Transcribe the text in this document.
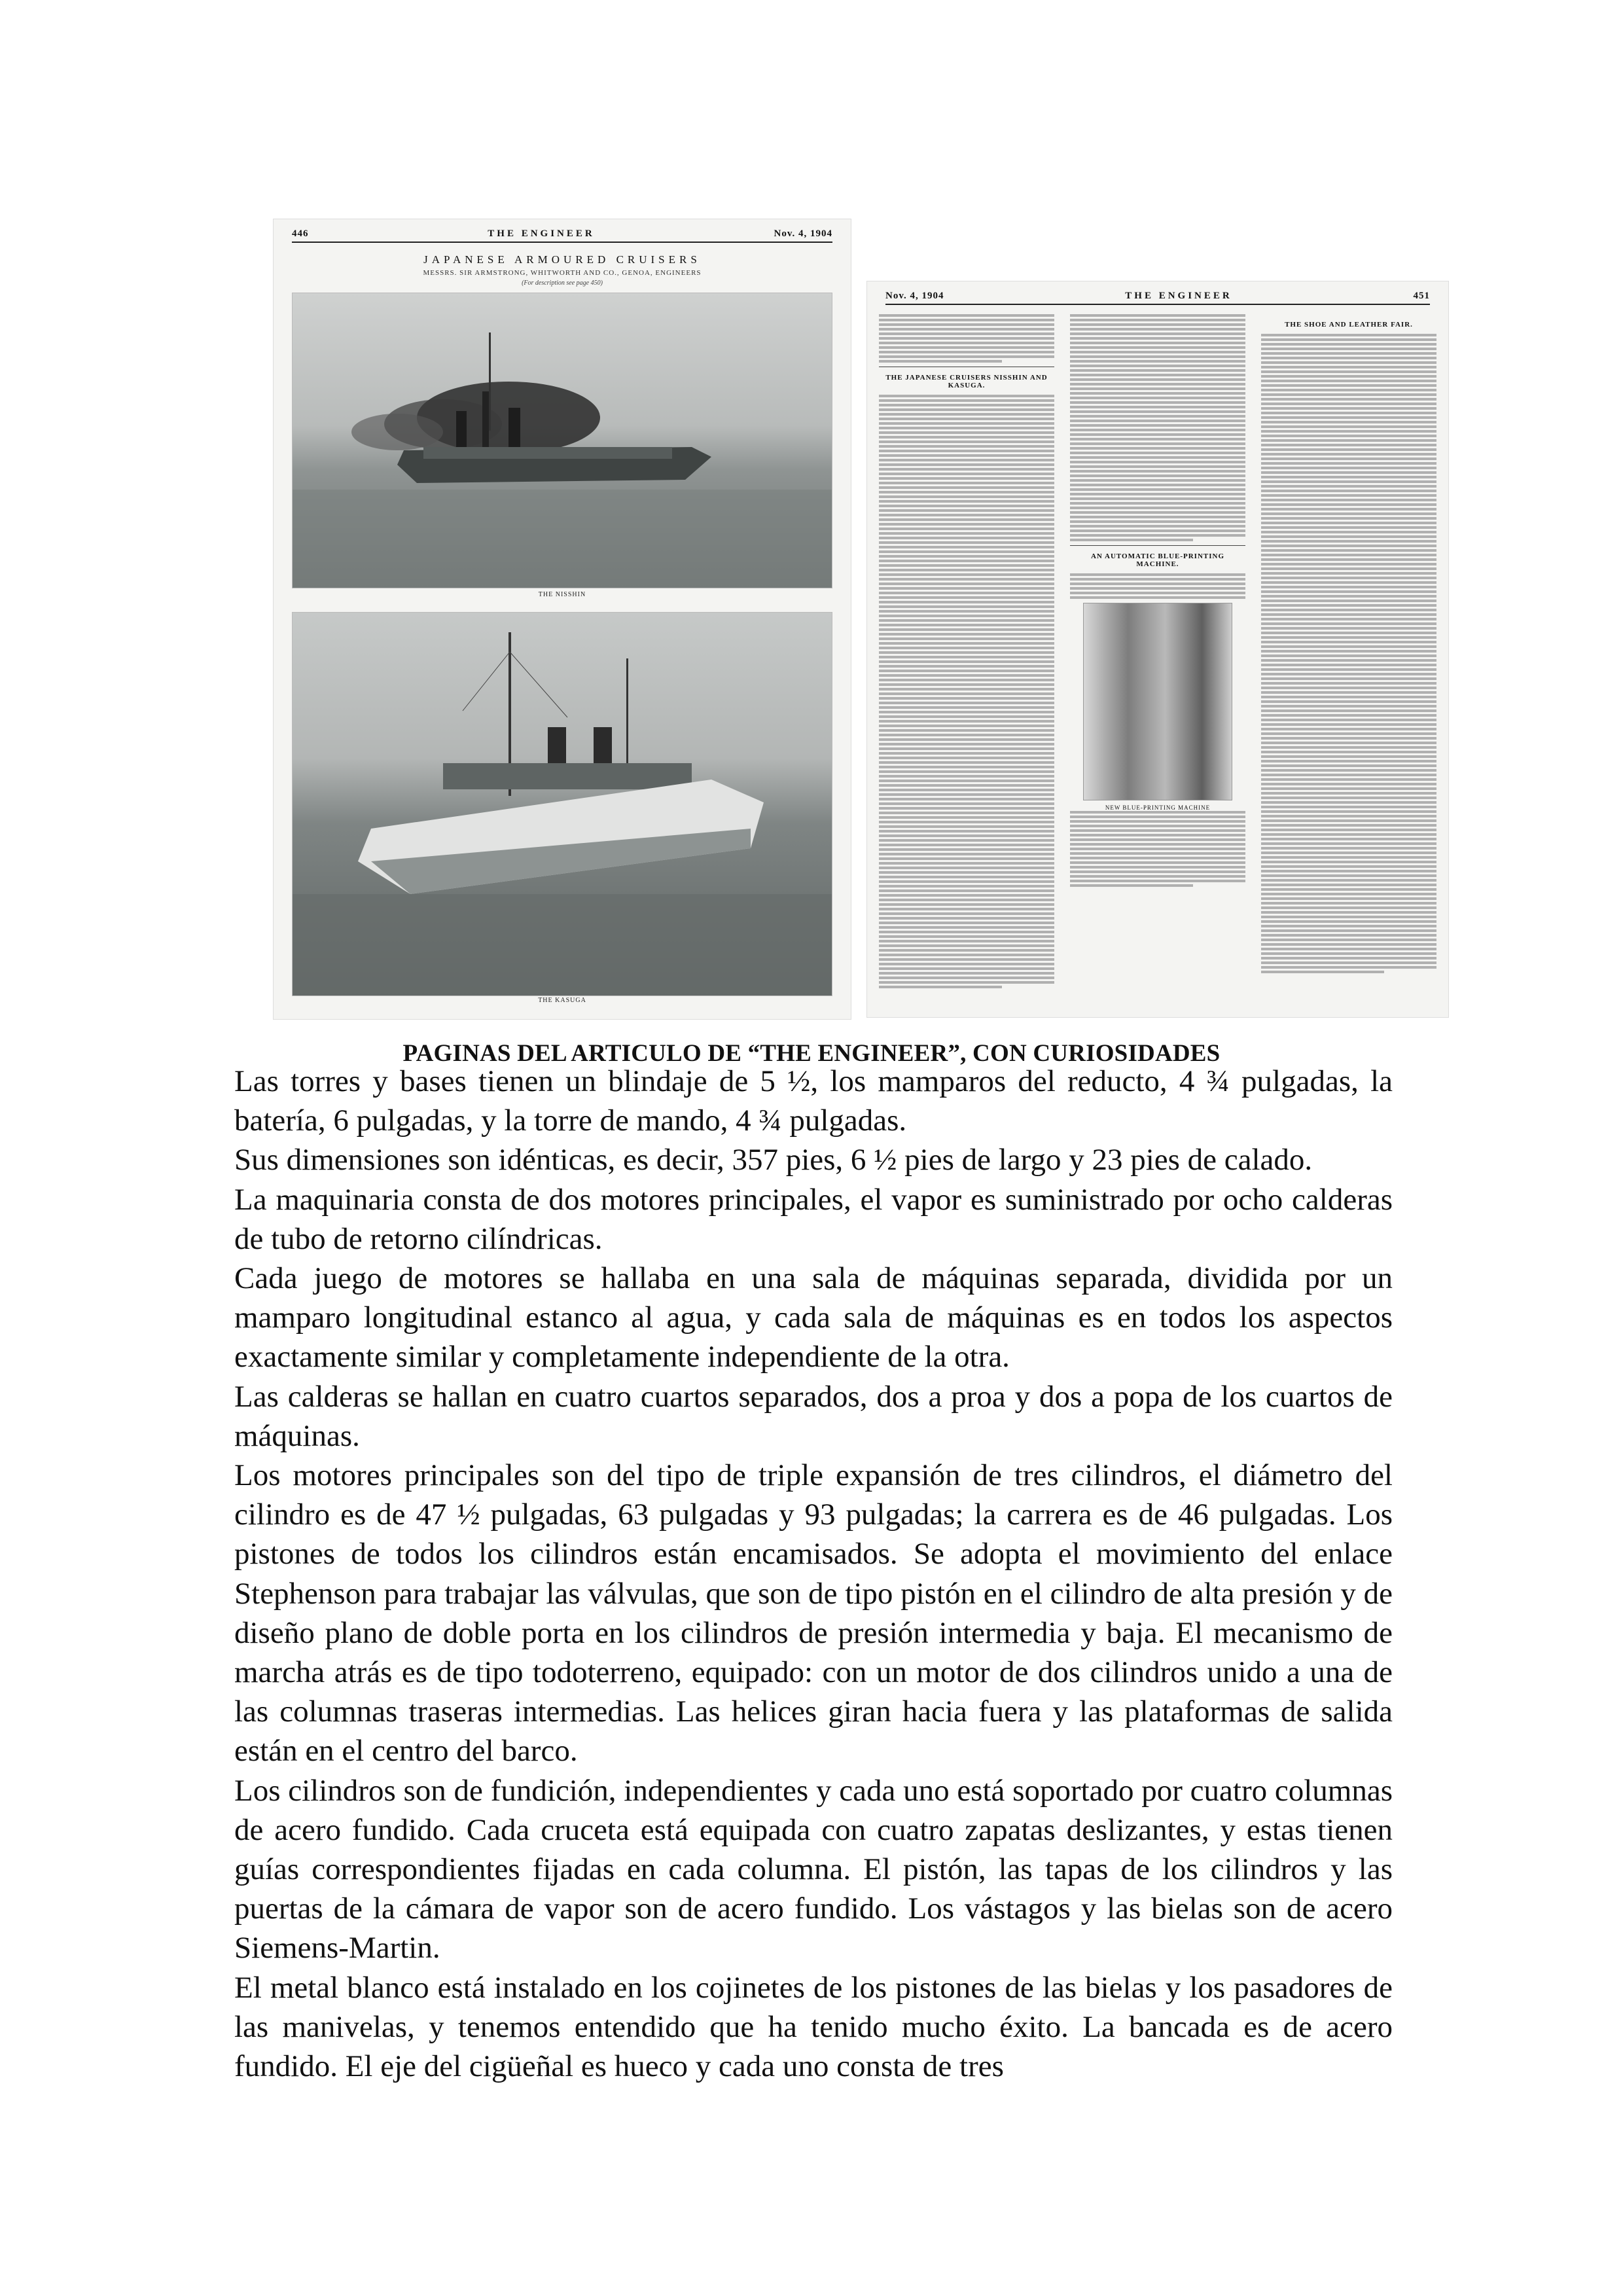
446	THE ENGINEER	Nov. 4, 1904
JAPANESE ARMOURED CRUISERS
MESSRS. SIR ARMSTRONG, WHITWORTH AND CO., GENOA, ENGINEERS
(For description see page 450)
THE NISSHIN
THE KASUGA
Nov. 4, 1904	THE ENGINEER	451
THE JAPANESE CRUISERS NISSHIN AND KASUGA.
AN AUTOMATIC BLUE-PRINTING MACHINE.
NEW BLUE-PRINTING MACHINE
THE SHOE AND LEATHER FAIR.
PAGINAS DEL ARTICULO DE “THE ENGINEER”, CON CURIOSIDADES

Las torres y bases tienen un blindaje de 5 ½, los mamparos del reducto, 4 ¾ pulgadas, la batería, 6 pulgadas, y la torre de mando, 4 ¾ pulgadas.

Sus dimensiones son idénticas, es decir, 357 pies, 6 ½ pies de largo y 23 pies de calado.

La maquinaria consta de dos motores principales, el vapor es suministrado por ocho calderas de tubo de retorno cilíndricas.

Cada juego de motores se hallaba en una sala de máquinas separada, dividida por un mamparo longitudinal estanco al agua, y cada sala de máquinas es en todos los aspectos exactamente similar y completamente independiente de la otra.

Las calderas se hallan en cuatro cuartos separados, dos a proa y dos a popa de los cuartos de máquinas.

Los motores principales son del tipo de triple expansión de tres cilindros, el diámetro del cilindro es de 47 ½ pulgadas, 63 pulgadas y 93 pulgadas; la carrera es de 46 pulgadas. Los pistones de todos los cilindros están encamisados. Se adopta el movimiento del enlace Stephenson para trabajar las válvulas, que son de tipo pistón en el cilindro de alta presión y de diseño plano de doble porta en los cilindros de presión intermedia y baja. El mecanismo de marcha atrás es de tipo todoterreno, equipado: con un motor de dos cilindros unido a una de las columnas traseras intermedias. Las helices giran hacia fuera y las plataformas de salida están en el centro del barco.

Los cilindros son de fundición, independientes y cada uno está soportado por cuatro columnas de acero fundido. Cada cruceta está equipada con cuatro zapatas deslizantes, y estas tienen guías correspondientes fijadas en cada columna. El pistón, las tapas de los cilindros y las puertas de la cámara de vapor son de acero fundido. Los vástagos y las bielas son de acero Siemens-Martin.

El metal blanco está instalado en los cojinetes de los pistones de las bielas y los pasadores de las manivelas, y tenemos entendido que ha tenido mucho éxito. La bancada es de acero fundido. El eje del cigüeñal es hueco y cada uno consta de tres
